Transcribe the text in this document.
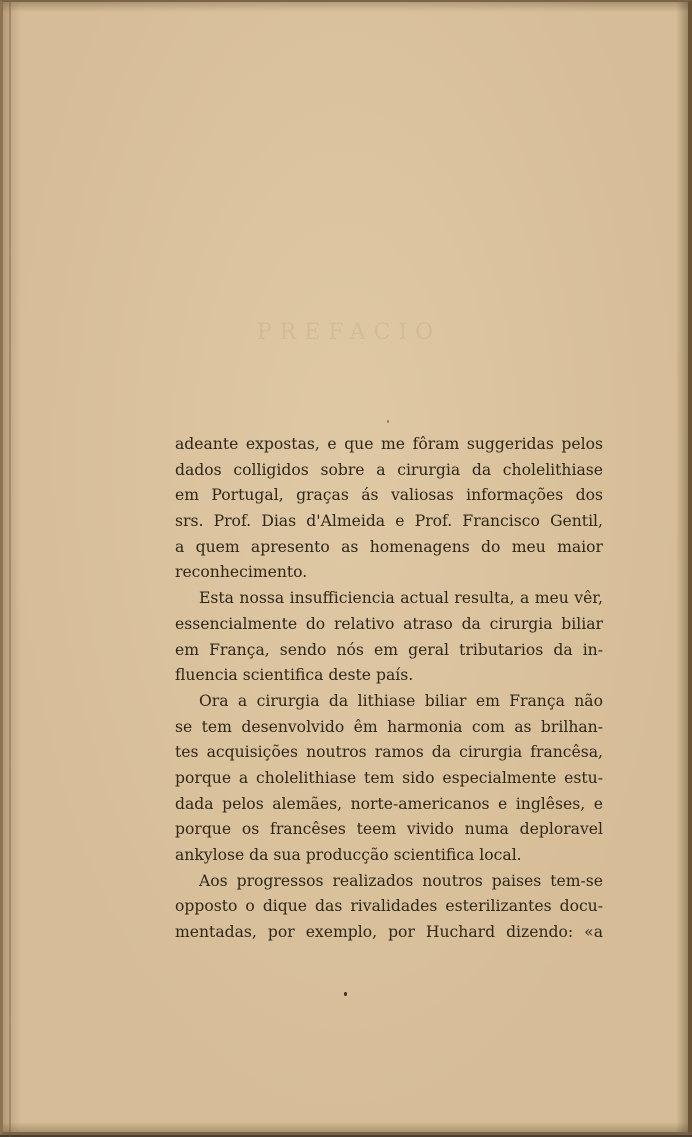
PREFACIO
adeante expostas, e que me fôram suggeridas pelos
dados colligidos sobre a cirurgia da cholelithiase
em Portugal, graças ás valiosas informações dos
srs. Prof. Dias d'Almeida e Prof. Francisco Gentil,
a quem apresento as homenagens do meu maior
reconhecimento.
Esta nossa insufficiencia actual resulta, a meu vêr,
essencialmente do relativo atraso da cirurgia biliar
em França, sendo nós em geral tributarios da in-
fluencia scientifica deste país.
Ora a cirurgia da lithiase biliar em França não
se tem desenvolvido êm harmonia com as brilhan-
tes acquisições noutros ramos da cirurgia francêsa,
porque a cholelithiase tem sido especialmente estu-
dada pelos alemães, norte-americanos e inglêses, e
porque os francêses teem vivido numa deploravel
ankylose da sua producção scientifica local.
Aos progressos realizados noutros paises tem-se
opposto o dique das rivalidades esterilizantes docu-
mentadas, por exemplo, por Huchard dizendo: «a
